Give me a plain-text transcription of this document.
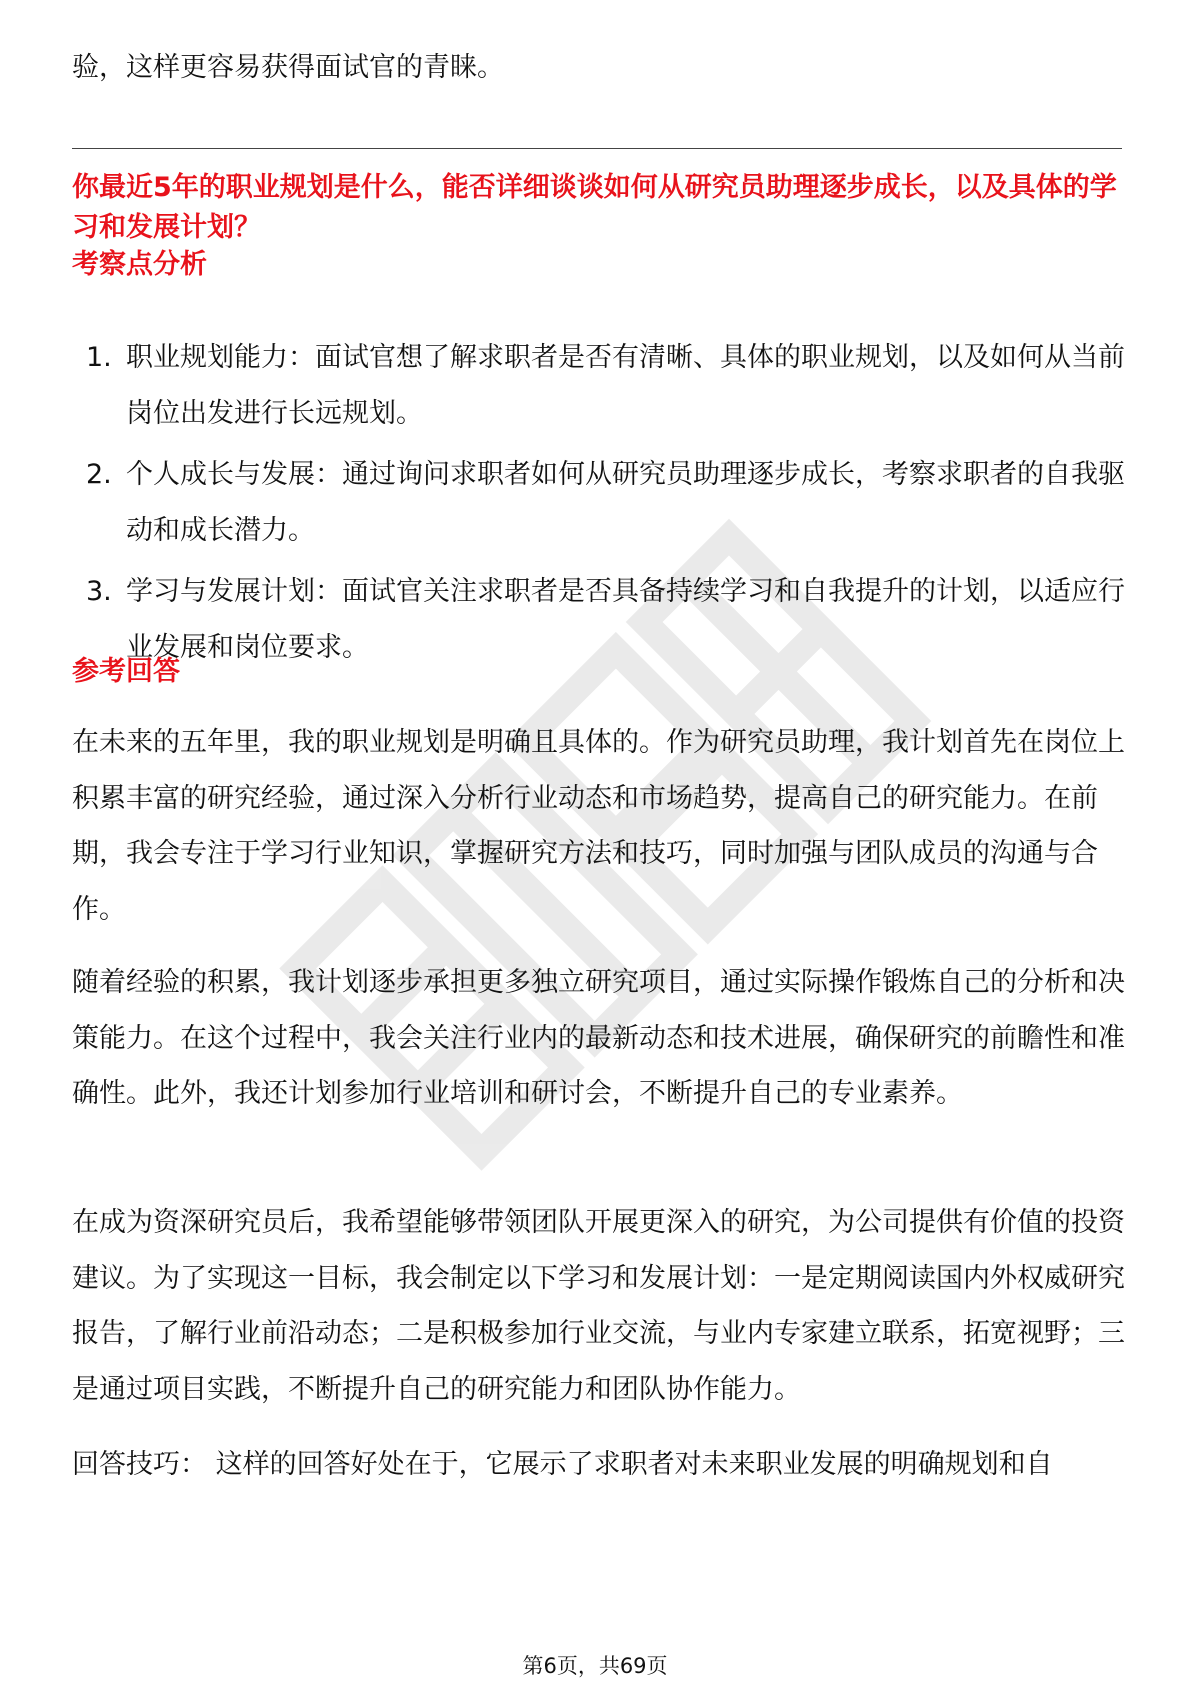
验，这样更容易获得面试官的青睐。

你最近5年的职业规划是什么，能否详细谈谈如何从研究员助理逐步成长，以及具体的学习和发展计划？

考察点分析

1. 职业规划能力：面试官想了解求职者是否有清晰、具体的职业规划，以及如何从当前岗位出发进行长远规划。
2. 个人成长与发展：通过询问求职者如何从研究员助理逐步成长，考察求职者的自我驱动和成长潜力。
3. 学习与发展计划：面试官关注求职者是否具备持续学习和自我提升的计划，以适应行业发展和岗位要求。

参考回答

在未来的五年里，我的职业规划是明确且具体的。作为研究员助理，我计划首先在岗位上积累丰富的研究经验，通过深入分析行业动态和市场趋势，提高自己的研究能力。在前期，我会专注于学习行业知识，掌握研究方法和技巧，同时加强与团队成员的沟通与合作。

随着经验的积累，我计划逐步承担更多独立研究项目，通过实际操作锻炼自己的分析和决策能力。在这个过程中，我会关注行业内的最新动态和技术进展，确保研究的前瞻性和准确性。此外，我还计划参加行业培训和研讨会，不断提升自己的专业素养。

在成为资深研究员后，我希望能够带领团队开展更深入的研究，为公司提供有价值的投资建议。为了实现这一目标，我会制定以下学习和发展计划：一是定期阅读国内外权威研究报告，了解行业前沿动态；二是积极参加行业交流，与业内专家建立联系，拓宽视野；三是通过项目实践，不断提升自己的研究能力和团队协作能力。

回答技巧： 这样的回答好处在于，它展示了求职者对未来职业发展的明确规划和自

第6页，共69页
